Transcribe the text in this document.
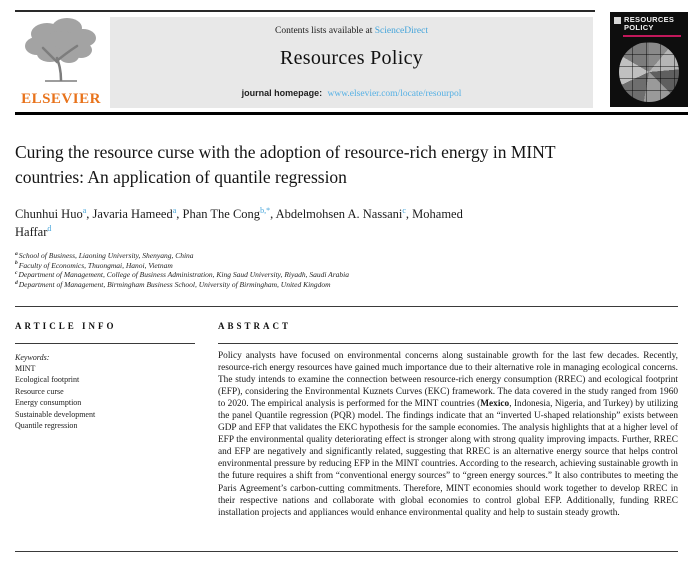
ELSEVIER
Contents lists available at ScienceDirect
Resources Policy
journal homepage: www.elsevier.com/locate/resourpol
RESOURCES
POLICY
Curing the resource curse with the adoption of resource-rich energy in MINT countries: An application of quantile regression
Chunhui Huo$^a$, Javaria Hameed$^a$, Phan The Cong$^{b,*}$, Abdelmohsen A. Nassani$^c$, Mohamed Haffar$^d$
$^a$School of Business, Liaoning University, Shenyang, China
$^b$Faculty of Economics, Thuongmai, Hanoi, Vietnam
$^c$Department of Management, College of Business Administration, King Saud University, Riyadh, Saudi Arabia
$^d$Department of Management, Birmingham Business School, University of Birmingham, United Kingdom
ARTICLE INFO
Keywords:
MINT
Ecological footprint
Resource curse
Energy consumption
Sustainable development
Quantile regression
ABSTRACT
Policy analysts have focused on environmental concerns along sustainable growth for the last few decades. Recently, resource-rich energy resources have gained much importance due to their alternative role in managing ecological concerns. The study intends to examine the connection between resource-rich energy consumption (RREC) and ecological footprint (EFP), considering the Environmental Kuznets Curves (EKC) framework. The data covered in the study ranged from 1960 to 2020. The empirical analysis is performed for the MINT countries (Mexico, Indonesia, Nigeria, and Turkey) by utilizing the panel Quantile regression (PQR) model. The findings indicate that an “inverted U-shaped relationship” exists between GDP and EFP that validates the EKC hypothesis for the sample economies. The analysis highlights that at a higher level of EFP the environmental quality deteriorating effect is stronger along with strong quality improving impacts. Further, RREC and EFP are negatively and significantly related, suggesting that RREC is an alternative energy source that helps control environmental pressure by reducing EFP in the MINT countries. According to the research, achieving sustainable growth in the future requires a shift from “conventional energy sources” to “green energy sources.” It also contributes to meeting the Paris Agreement’s carbon-cutting commitments. Therefore, MINT economies should work together to develop RREC in their respective nations and collaborate with global economies to control global EFP. Additionally, funding RREC installation projects and appliances would enhance environmental quality and help to sustain steady growth.
